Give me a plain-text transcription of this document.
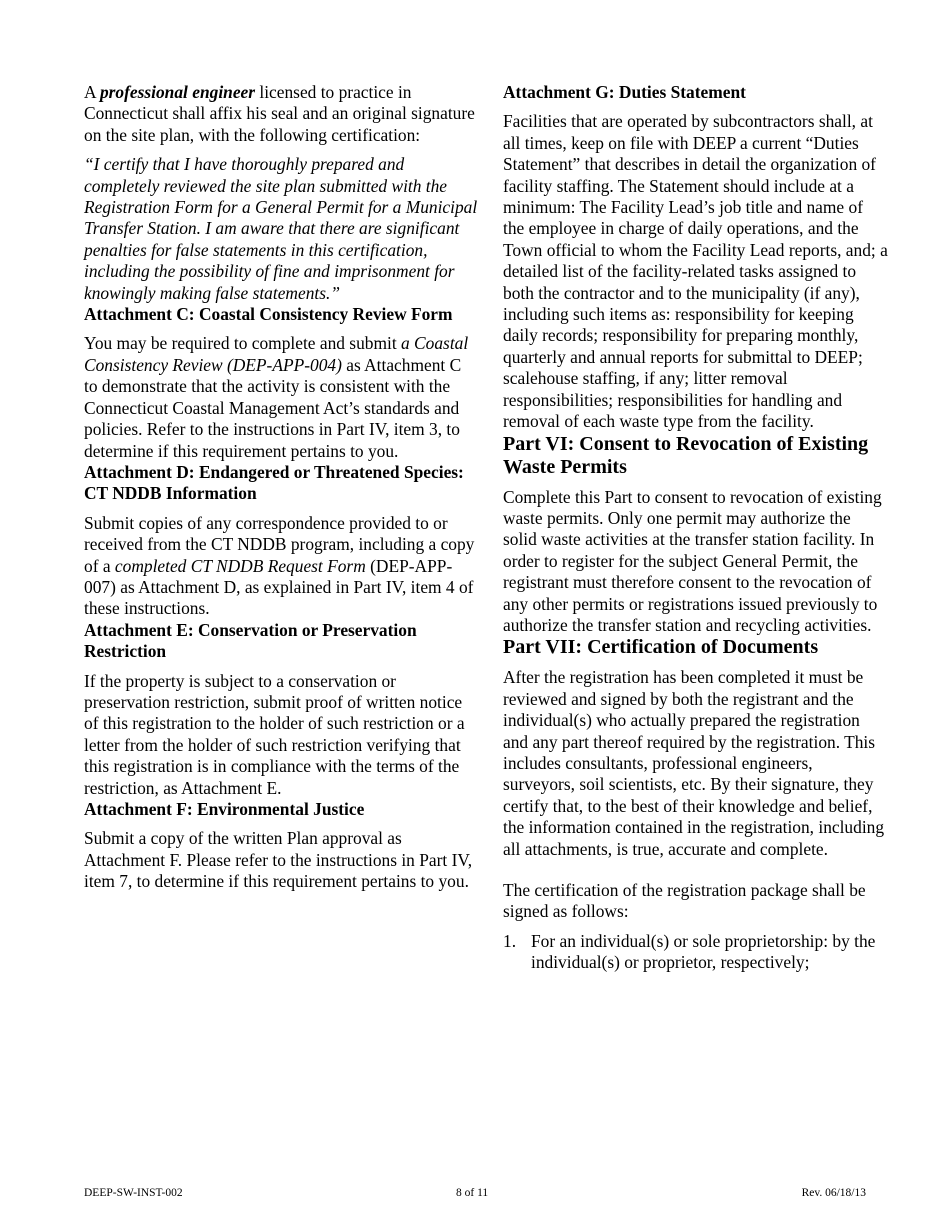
A professional engineer licensed to practice in Connecticut shall affix his seal and an original signature on the site plan, with the following certification:

“I certify that I have thoroughly prepared and completely reviewed the site plan submitted with the Registration Form for a General Permit for a Municipal Transfer Station. I am aware that there are significant penalties for false statements in this certification, including the possibility of fine and imprisonment for knowingly making false statements.”

Attachment C: Coastal Consistency Review Form

You may be required to complete and submit a Coastal Consistency Review (DEP-APP-004) as Attachment C to demonstrate that the activity is consistent with the Connecticut Coastal Management Act’s standards and policies. Refer to the instructions in Part IV, item 3, to determine if this requirement pertains to you.

Attachment D: Endangered or Threatened Species: CT NDDB Information

Submit copies of any correspondence provided to or received from the CT NDDB program, including a copy of a completed CT NDDB Request Form (DEP-APP-007) as Attachment D, as explained in Part IV, item 4 of these instructions.

Attachment E: Conservation or Preservation Restriction

If the property is subject to a conservation or preservation restriction, submit proof of written notice of this registration to the holder of such restriction or a letter from the holder of such restriction verifying that this registration is in compliance with the terms of the restriction, as Attachment E.

Attachment F: Environmental Justice

Submit a copy of the written Plan approval as Attachment F. Please refer to the instructions in Part IV, item 7, to determine if this requirement pertains to you.

Attachment G: Duties Statement

Facilities that are operated by subcontractors shall, at all times, keep on file with DEEP a current “Duties Statement” that describes in detail the organization of facility staffing. The Statement should include at a minimum: The Facility Lead’s job title and name of the employee in charge of daily operations, and the Town official to whom the Facility Lead reports, and; a detailed list of the facility-related tasks assigned to both the contractor and to the municipality (if any), including such items as: responsibility for keeping daily records; responsibility for preparing monthly, quarterly and annual reports for submittal to DEEP; scalehouse staffing, if any; litter removal responsibilities; responsibilities for handling and removal of each waste type from the facility.

Part VI: Consent to Revocation of Existing Waste Permits

Complete this Part to consent to revocation of existing waste permits. Only one permit may authorize the solid waste activities at the transfer station facility. In order to register for the subject General Permit, the registrant must therefore consent to the revocation of any other permits or registrations issued previously to authorize the transfer station and recycling activities.

Part VII: Certification of Documents

After the registration has been completed it must be reviewed and signed by both the registrant and the individual(s) who actually prepared the registration and any part thereof required by the registration. This includes consultants, professional engineers, surveyors, soil scientists, etc. By their signature, they certify that, to the best of their knowledge and belief, the information contained in the registration, including all attachments, is true, accurate and complete.

The certification of the registration package shall be signed as follows:

1. For an individual(s) or sole proprietorship: by the individual(s) or proprietor, respectively;
DEEP-SW-INST-002	8 of 11	Rev. 06/18/13
